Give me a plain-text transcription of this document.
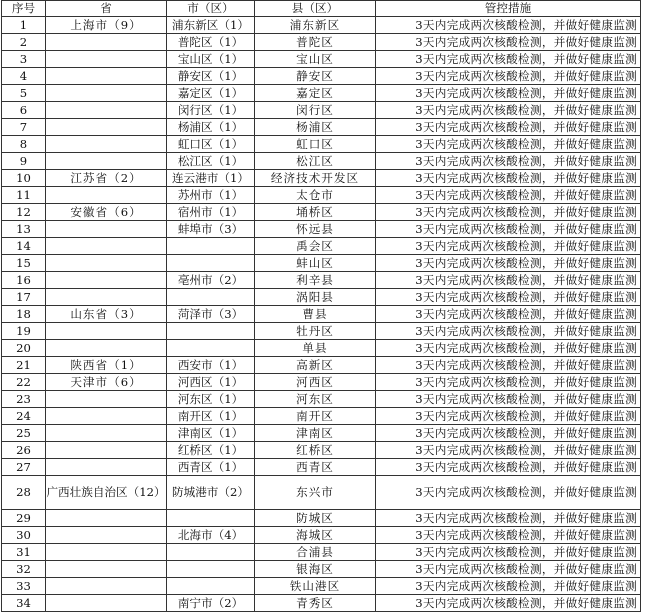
序号	省	市（区）	县（区）	管控措施
1	上海市（9）	浦东新区（1）	浦东新区	3天内完成两次核酸检测，并做好健康监测
2		普陀区（1）	普陀区	3天内完成两次核酸检测，并做好健康监测
3		宝山区（1）	宝山区	3天内完成两次核酸检测，并做好健康监测
4		静安区（1）	静安区	3天内完成两次核酸检测，并做好健康监测
5		嘉定区（1）	嘉定区	3天内完成两次核酸检测，并做好健康监测
6		闵行区（1）	闵行区	3天内完成两次核酸检测，并做好健康监测
7		杨浦区（1）	杨浦区	3天内完成两次核酸检测，并做好健康监测
8		虹口区（1）	虹口区	3天内完成两次核酸检测，并做好健康监测
9		松江区（1）	松江区	3天内完成两次核酸检测，并做好健康监测
10	江苏省（2）	连云港市（1）	经济技术开发区	3天内完成两次核酸检测，并做好健康监测
11		苏州市（1）	太仓市	3天内完成两次核酸检测，并做好健康监测
12	安徽省（6）	宿州市（1）	埇桥区	3天内完成两次核酸检测，并做好健康监测
13		蚌埠市（3）	怀远县	3天内完成两次核酸检测，并做好健康监测
14			禹会区	3天内完成两次核酸检测，并做好健康监测
15			蚌山区	3天内完成两次核酸检测，并做好健康监测
16		亳州市（2）	利辛县	3天内完成两次核酸检测，并做好健康监测
17			涡阳县	3天内完成两次核酸检测，并做好健康监测
18	山东省（3）	菏泽市（3）	曹县	3天内完成两次核酸检测，并做好健康监测
19			牡丹区	3天内完成两次核酸检测，并做好健康监测
20			单县	3天内完成两次核酸检测，并做好健康监测
21	陕西省（1）	西安市（1）	高新区	3天内完成两次核酸检测，并做好健康监测
22	天津市（6）	河西区（1）	河西区	3天内完成两次核酸检测，并做好健康监测
23		河东区（1）	河东区	3天内完成两次核酸检测，并做好健康监测
24		南开区（1）	南开区	3天内完成两次核酸检测，并做好健康监测
25		津南区（1）	津南区	3天内完成两次核酸检测，并做好健康监测
26		红桥区（1）	红桥区	3天内完成两次核酸检测，并做好健康监测
27		西青区（1）	西青区	3天内完成两次核酸检测，并做好健康监测
28	广西壮族自治区（12）	防城港市（2）	东兴市	3天内完成两次核酸检测，并做好健康监测
29			防城区	3天内完成两次核酸检测，并做好健康监测
30		北海市（4）	海城区	3天内完成两次核酸检测，并做好健康监测
31			合浦县	3天内完成两次核酸检测，并做好健康监测
32			银海区	3天内完成两次核酸检测，并做好健康监测
33			铁山港区	3天内完成两次核酸检测，并做好健康监测
34		南宁市（2）	青秀区	3天内完成两次核酸检测，并做好健康监测
